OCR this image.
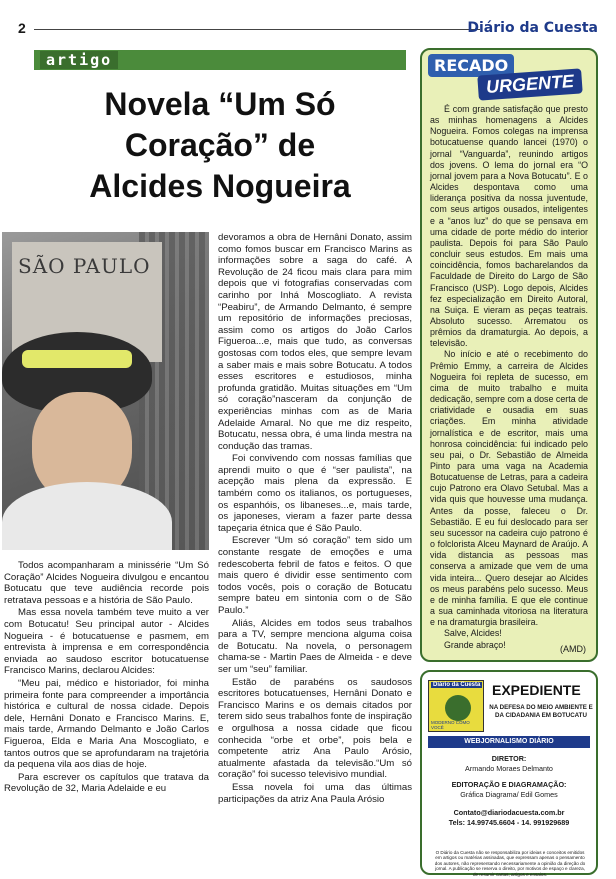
2	Diário da Cuesta
artigo
Novela “Um Só
Coração” de
Alcides Nogueira
SÃO PAULO

Todos acompanharam a minissérie “Um Só Coração” Alcides Nogueira divulgou e encantou Botucatu que teve audiência recorde pois retratava pessoas e a história de São Paulo.

Mas essa novela também teve muito a ver com Botucatu! Seu principal autor - Alcides Nogueira - é botucatuense e pasmem, em entrevista à imprensa e em correspondência enviada ao saudoso escritor botucatuense Francisco Marins, declarou Alcides:

“Meu pai, médico e historiador, foi minha primeira fonte para compreender a importância histórica e cultural de nossa cidade. Depois dele, Hernâni Donato e Francisco Marins. E, mais tarde, Armando Delmanto e João Carlos Figueroa, Elda e Maria Ana Moscogliato, e tantos outros que se aprofundaram na trajetória da pequena vila aos dias de hoje.

Para escrever os capítulos que tratava da Revolução de 32, Maria Adelaide e eu

devoramos a obra de Hernâni Donato, assim como fomos buscar em Francisco Marins as informações sobre a saga do café. A Revolução de 24 ficou mais clara para mim depois que vi fotografias conservadas com carinho por Inhá Moscogliato. A revista “Peabiru”, de Armando Delmanto, é sempre um repositório de informações preciosas, assim como os artigos do João Carlos Figueroa...e, mais que tudo, as conversas gostosas com todos eles, que sempre levam a saber mais e mais sobre Botucatu. A todos esses escritores e estudiosos, minha profunda gratidão. Muitas situações em “Um só coração”nasceram da conjunção de experiências minhas com as de Maria Adelaide Amaral. No que me diz respeito, Botucatu, nessa obra, é uma linda mestra na condução das tramas.

Foi convivendo com nossas famílias que aprendi muito o que é “ser paulista”, na acepção mais plena da expressão. E também como os italianos, os portugueses, os espanhóis, os libaneses...e, mais tarde, os japoneses, vieram a fazer parte dessa tapeçaria étnica que é São Paulo.

Escrever “Um só coração” tem sido um constante resgate de emoções e uma redescoberta febril de fatos e feitos. O que mais quero é dividir esse sentimento com todos vocês, pois o coração de Botucatu sempre bateu em sintonia com o de São Paulo.”

Aliás, Alcides em todos seus trabalhos para a TV, sempre menciona alguma coisa de Botucatu. Na novela, o personagem chama-se - Martin Paes de Almeida - e deve ser um “seu” familiar.

Estão de parabéns os saudosos escritores botucatuenses, Hernâni Donato e Francisco Marins e os demais citados por terem sido seus trabalhos fonte de inspiração e orgulhosa a nossa cidade que ficou conhecida “orbe et orbe”, pois bela e competente atriz Ana Paulo Arósio, atualmente afastada da televisão.“Um só coração” foi sucesso televisivo mundial.

Essa novela foi uma das últimas participações da atriz Ana Paula Arósio

RECADO
URGENTE

É com grande satisfação que presto as minhas homenagens a Alcides Nogueira. Fomos colegas na imprensa botucatuense quando lancei (1970) o jornal “Vanguarda”, reunindo artigos dos jovens. O lema do jornal era “O jornal jovem para a Nova Botucatu”. E o Alcides despontava como uma liderança positiva da nossa juventude, com seus artigos ousados, inteligentes e a “anos luz” do que se pensava em uma cidade de porte médio do interior paulista. Depois foi para São Paulo concluir seus estudos. Em mais uma coincidência, fomos bacharelandos da Faculdade de Direito do Largo de São Francisco (USP). Logo depois, Alcides fez especialização em Direito Autoral, na Suiça. E vieram as peças teatrais. Absoluto sucesso. Arrematou os prêmios da dramaturgia. Ao depois, a televisão.

No início e até o recebimento do Prêmio Emmy, a carreira de Alcides Nogueira foi repleta de sucesso, em cima de muito trabalho e muita dedicação, sempre com a dose certa de criatividade e ousadia em suas criações. Em minha atividade jornalística e de escritor, mais uma honrosa coincidência: fui indicado pelo seu pai, o Dr. Sebastião de Almeida Pinto para uma vaga na Academia Botucatuense de Letras, para a cadeira cujo Patrono era Olavo Setubal. Mas a vida quis que houvesse uma mudança. Antes da posse, faleceu o Dr. Sebastião. E eu fui deslocado para ser seu sucessor na cadeira cujo patrono é o folclorista Alceu Maynard de Araújo. A vida distancia as pessoas mas conserva a amizade que vem de uma vida inteira... Quero desejar ao Alcides os meus parabéns pelo sucesso. Meus e de minha família. E que ele continue a sua caminhada vitoriosa na literatura e na dramaturgia brasileira.

Salve, Alcides!

Grande abraço!	(AMD)
Diário da Cuesta
MODERNO COMO VOCÊ
EXPEDIENTE
NA DEFESA DO MEIO AMBIENTE E DA CIDADANIA EM BOTUCATU
WEBJORNALISMO DIÁRIO
DIRETOR:
Armando Moraes Delmanto
EDITORAÇÃO E DIAGRAMAÇÃO:
Gráfica Diagrama/ Edil Gomes
Contato@diariodacuesta.com.br
Tels: 14.99745.6604 - 14. 991929689
O Diário da Cuesta não se responsabiliza por ideias e conceitos emitidos em artigos ou matérias assinadas, que expressam apenas o pensamento dos autores, não representando necessariamente a opinião da direção do jornal. A publicação se reserva o direito, por motivos de espaço e clareza, de resumir cartas, artigos e ensaios.
